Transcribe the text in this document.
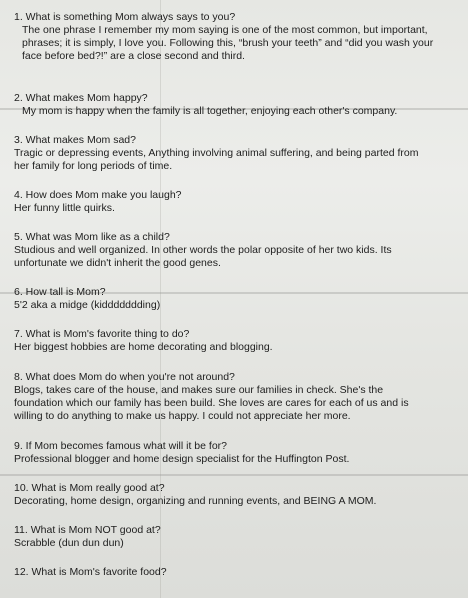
1. What is something Mom always says to you?
The one phrase I remember my mom saying is one of the most common, but important,
phrases; it is simply, I love you. Following this, “brush your teeth” and “did you wash your
face before bed?!” are a close second and third.
2. What makes Mom happy?
My mom is happy when the family is all together, enjoying each other's company.
3. What makes Mom sad?
Tragic or depressing events, Anything involving animal suffering, and being parted from
her family for long periods of time.
4. How does Mom make you laugh?
Her funny little quirks.
5. What was Mom like as a child?
Studious and well organized. In other words the polar opposite of her two kids. Its
unfortunate we didn't inherit the good genes.
6. How tall is Mom?
5'2 aka a midge (kiddddddding)
7. What is Mom's favorite thing to do?
Her biggest hobbies are home decorating and blogging.
8. What does Mom do when you're not around?
Blogs, takes care of the house, and makes sure our families in check. She's the
foundation which our family has been build. She loves are cares for each of us and is
willing to do anything to make us happy. I could not appreciate her more.
9. If Mom becomes famous what will it be for?
Professional blogger and home design specialist for the Huffington Post.
10. What is Mom really good at?
Decorating, home design, organizing and running events, and BEING A MOM.
11. What is Mom NOT good at?
Scrabble (dun dun dun)
12. What is Mom's favorite food?
